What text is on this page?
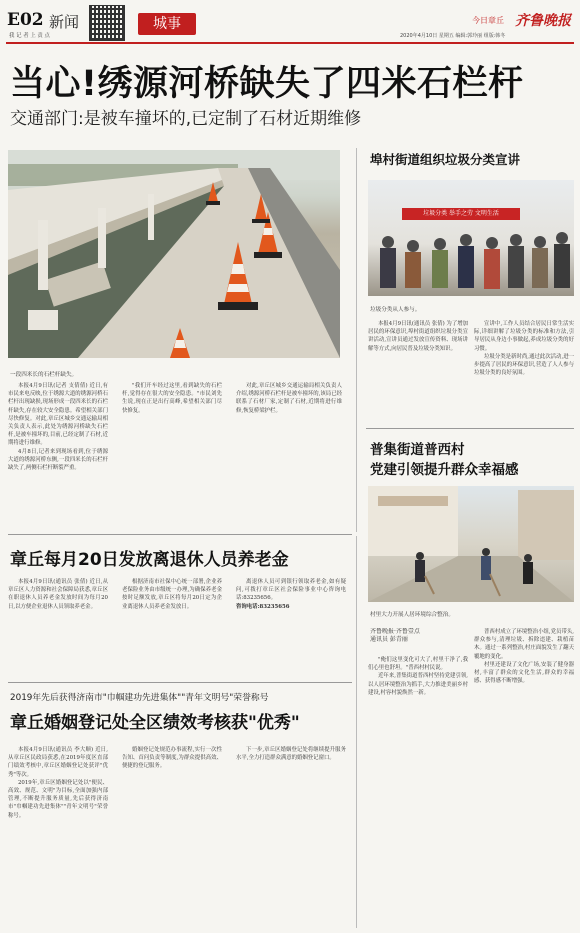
E02 新闻
我 记 者 上 责 点
城事	今日章丘 齐鲁晚报
2020年4月10日 星期五 编辑:郭玲丽 组版:韩冬
当心!绣源河桥缺失了四米石栏杆
交通部门:是被车撞坏的,已定制了石材近期维修
一段四米长的石栏杆缺失。

本报4月9日讯(记者 支倩倩) 近日,有市民来电反映,位于绣源大道的绣源河桥石栏杆出现缺损,现场形成一段四米长的石栏杆缺失,存在较大安全隐患。希望相关部门尽快修复。对此,章丘区城乡交通运输局相关负责人表示,此处为绣源河桥缺失石栏杆,是被车撞坏的,目前,已经定制了石材,近期将进行维修。

4月8日,记者来到现场看到,位于绣源大道的绣源河桥东侧,一段四米长的石栏杆缺失了,两侧石栏杆断裂严重。

"我们开车经过这里,看到缺失的石栏杆,觉得存在很大的安全隐患。"市民刘先生说,现在正是出行高峰,希望相关部门尽快修复。

对此,章丘区城乡交通运输局相关负责人介绍,绣源河桥石栏杆是被车撞坏的,该局已经联系了石材厂家,定制了石材,近期将进行维修,恢复桥梁护栏。

埠村街道组织垃圾分类宣讲
垃圾分类 举手之劳 文明生活
垃圾分类从人参与。

本报4月9日讯(通讯员 张倩) 为了增加居民的环保意识,埠村街道组织垃圾分类宣讲活动,宣讲员通过发放宣传资料、现场讲解等方式,向居民普及垃圾分类知识。

宣讲中,工作人员结合居民日常生活实际,详细讲解了垃圾分类的标准和方法,引导居民从身边小事做起,养成垃圾分类的好习惯。

垃圾分类是新时尚,通过此次活动,进一步提高了居民的环保意识,营造了人人参与垃圾分类的良好氛围。

普集街道普西村
党建引领提升群众幸福感
村里大力开展人居环境综合整治。
齐鲁晚报·齐鲁壹点
通讯员 彭青丽

"俺们这里变化可大了,村里干净了,我们心里也舒坦。"普西村村民说。

近年来,普集街道普西村坚持党建引领,以人居环境整治为抓手,大力推进美丽乡村建设,村容村貌焕然一新。

普西村成立了环境整治小组,党员带头,群众参与,清理垃圾、拆除违建、栽植苗木。通过一系列整治,村庄面貌发生了翻天覆地的变化。

村里还建设了文化广场,安装了健身器材,丰富了群众的文化生活,群众的幸福感、获得感不断增强。

章丘每月20日发放离退休人员养老金

本报4月9日讯(通讯员 张倩) 近日,从章丘区人力资源和社会保障局获悉,章丘区在职退休人员养老金发放时间为每月20日,以方便企业退休人员领取养老金。

根据济南市社保中心统一部署,企业养老保险业务由市级统一办理,为确保养老金按时足额发放,章丘区将每月20日定为企业离退休人员养老金发放日。

离退休人员可到银行领取养老金,如有疑问,可拨打章丘区社会保险事业中心咨询电话:83235656。

咨询电话:83235656

2019年先后获得济南市"巾帼建功先进集体""青年文明号"荣誉称号
章丘婚姻登记处全区绩效考核获"优秀"

本报4月9日讯(通讯员 李大顺) 近日,从章丘区民政局获悉,在2019年度区直部门绩效考核中,章丘区婚姻登记处获评"优秀"等次。

2019年,章丘区婚姻登记处以"便民、高效、规范、文明"为目标,全面加强内部管理,不断提升服务质量,先后获得济南市"巾帼建功先进集体""青年文明号"荣誉称号。

婚姻登记处规范办事流程,实行一次性告知、首问负责等制度,为群众提供高效、便捷的登记服务。

下一步,章丘区婚姻登记处将继续提升服务水平,全力打造群众满意的婚姻登记窗口。
